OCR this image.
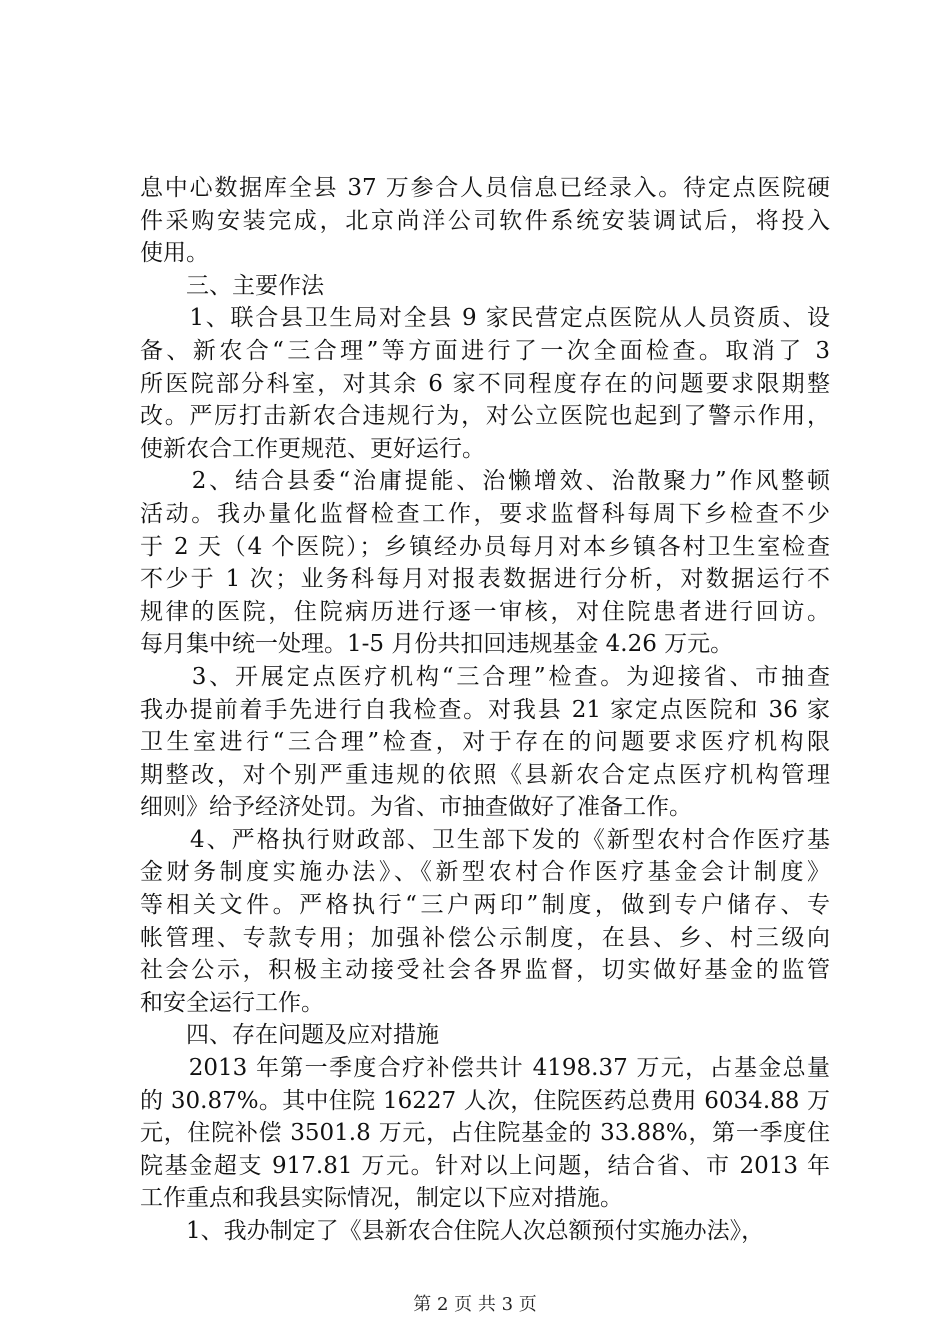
息中心数据库全县 37 万参合人员信息已经录入。待定点医院硬
件采购安装完成，北京尚洋公司软件系统安装调试后，将投入
使用。
三、主要作法
　　1、联合县卫生局对全县 9 家民营定点医院从人员资质、设
备、新农合“三合理”等方面进行了一次全面检查。取消了 3
所医院部分科室，对其余 6 家不同程度存在的问题要求限期整
改。严厉打击新农合违规行为，对公立医院也起到了警示作用，
使新农合工作更规范、更好运行。
　　2、结合县委“治庸提能、治懒增效、治散聚力”作风整顿
活动。我办量化监督检查工作，要求监督科每周下乡检查不少
于 2 天（4 个医院）；乡镇经办员每月对本乡镇各村卫生室检查
不少于 1 次；业务科每月对报表数据进行分析，对数据运行不
规律的医院，住院病历进行逐一审核，对住院患者进行回访。
每月集中统一处理。1-5 月份共扣回违规基金 4.26 万元。
　　3、开展定点医疗机构“三合理”检查。为迎接省、市抽查
我办提前着手先进行自我检查。对我县 21 家定点医院和 36 家
卫生室进行“三合理”检查，对于存在的问题要求医疗机构限
期整改，对个别严重违规的依照《县新农合定点医疗机构管理
细则》给予经济处罚。为省、市抽查做好了准备工作。
　　4、严格执行财政部、卫生部下发的《新型农村合作医疗基
金财务制度实施办法》、《新型农村合作医疗基金会计制度》
等相关文件。严格执行“三户两印”制度，做到专户储存、专
帐管理、专款专用；加强补偿公示制度，在县、乡、村三级向
社会公示，积极主动接受社会各界监督，切实做好基金的监管
和安全运行工作。
四、存在问题及应对措施
　　2013 年第一季度合疗补偿共计 4198.37 万元，占基金总量
的 30.87%。其中住院 16227 人次，住院医药总费用 6034.88 万
元，住院补偿 3501.8 万元，占住院基金的 33.88%，第一季度住
院基金超支 917.81 万元。针对以上问题，结合省、市 2013 年
工作重点和我县实际情况，制定以下应对措施。
　　1、我办制定了《县新农合住院人次总额预付实施办法》，
第 2 页 共 3 页
